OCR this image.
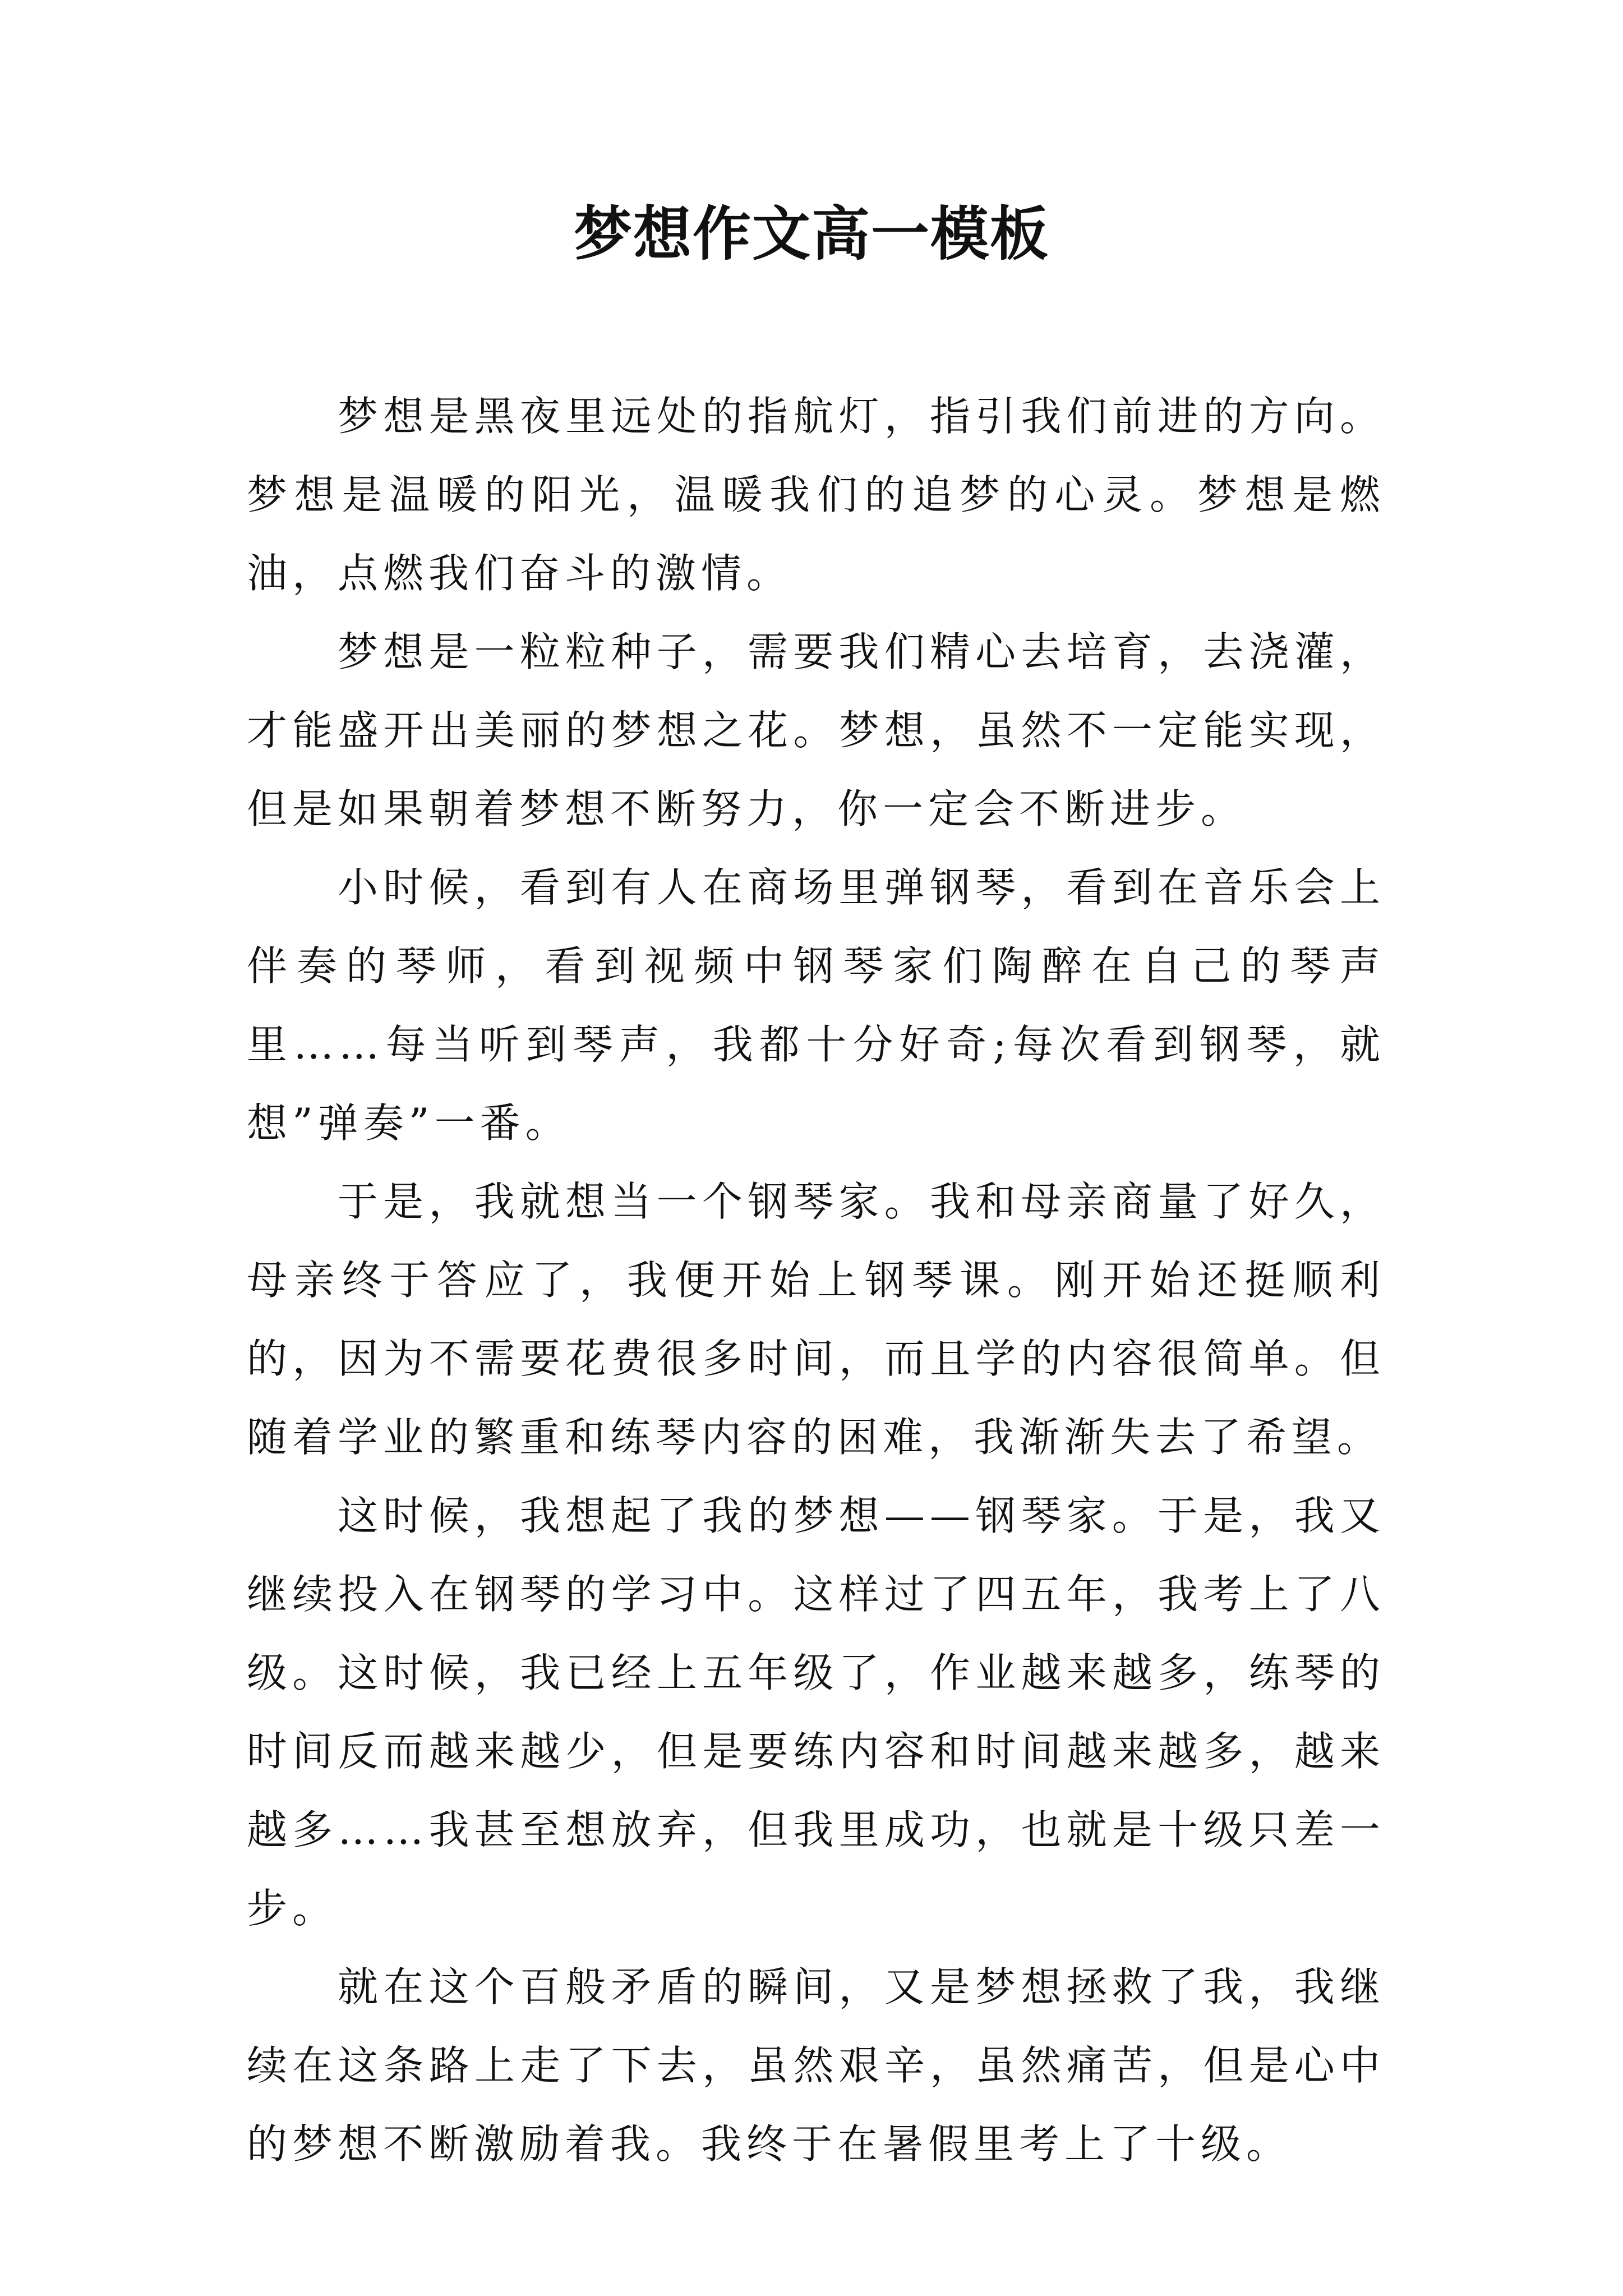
梦想作文高一模板

梦想是黑夜里远处的指航灯，指引我们前进的方向。梦想是温暖的阳光，温暖我们的追梦的心灵。梦想是燃油，点燃我们奋斗的激情。

梦想是一粒粒种子，需要我们精心去培育，去浇灌，才能盛开出美丽的梦想之花。梦想，虽然不一定能实现，但是如果朝着梦想不断努力，你一定会不断进步。

小时候，看到有人在商场里弹钢琴，看到在音乐会上伴奏的琴师，看到视频中钢琴家们陶醉在自己的琴声里……每当听到琴声，我都十分好奇;每次看到钢琴，就想”弹奏”一番。

于是，我就想当一个钢琴家。我和母亲商量了好久，母亲终于答应了，我便开始上钢琴课。刚开始还挺顺利的，因为不需要花费很多时间，而且学的内容很简单。但随着学业的繁重和练琴内容的困难，我渐渐失去了希望。

这时候，我想起了我的梦想——钢琴家。于是，我又继续投入在钢琴的学习中。这样过了四五年，我考上了八级。这时候，我已经上五年级了，作业越来越多，练琴的时间反而越来越少，但是要练内容和时间越来越多，越来越多……我甚至想放弃，但我里成功，也就是十级只差一步。

就在这个百般矛盾的瞬间，又是梦想拯救了我，我继续在这条路上走了下去，虽然艰辛，虽然痛苦，但是心中的梦想不断激励着我。我终于在暑假里考上了十级。
